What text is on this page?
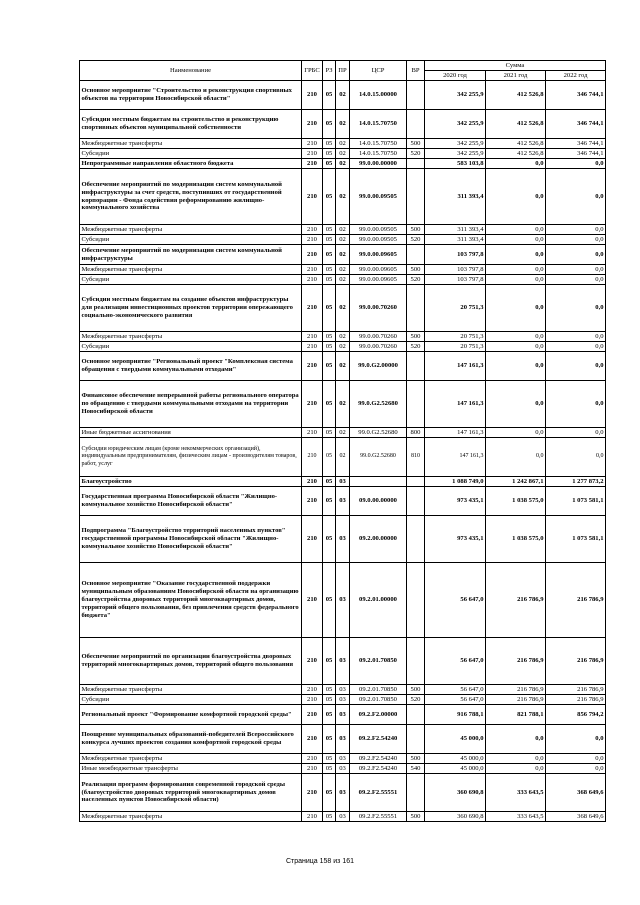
Наименование	ГРБС	РЗ	ПР	ЦСР	ВР	Сумма		
						2020 год	2021 год	2022 год
Основное мероприятие "Строительство и реконструкция спортивных объектов на территории Новосибирской области"	210	05	02	14.0.15.00000		342 255,9	412 526,8	346 744,1
Субсидии местным бюджетам на строительство и реконструкцию спортивных объектов муниципальной собственности	210	05	02	14.0.15.70750		342 255,9	412 526,8	346 744,1
Межбюджетные трансферты	210	05	02	14.0.15.70750	500	342 255,9	412 526,8	346 744,1
Субсидии	210	05	02	14.0.15.70750	520	342 255,9	412 526,8	346 744,1
Непрограммные направления областного бюджета	210	05	02	99.0.00.00000		583 103,8	0,0	0,0
Обеспечение мероприятий по модернизации систем коммунальной инфраструктуры за счет средств, поступивших от государственной корпорации - Фонда содействия реформированию жилищно-коммунального хозяйства	210	05	02	99.0.00.09505		311 393,4	0,0	0,0
Межбюджетные трансферты	210	05	02	99.0.00.09505	500	311 393,4	0,0	0,0
Субсидии	210	05	02	99.0.00.09505	520	311 393,4	0,0	0,0
Обеспечение мероприятий по модернизации систем коммунальной инфраструктуры	210	05	02	99.0.00.09605		103 797,8	0,0	0,0
Межбюджетные трансферты	210	05	02	99.0.00.09605	500	103 797,8	0,0	0,0
Субсидии	210	05	02	99.0.00.09605	520	103 797,8	0,0	0,0
Субсидии местным бюджетам на создание объектов инфраструктуры для реализации инвестиционных проектов территории опережающего социально-экономического развития	210	05	02	99.0.00.70260		20 751,3	0,0	0,0
Межбюджетные трансферты	210	05	02	99.0.00.70260	500	20 751,3	0,0	0,0
Субсидии	210	05	02	99.0.00.70260	520	20 751,3	0,0	0,0
Основное мероприятие "Региональный проект "Комплексная система обращения с твердыми коммунальными отходами"	210	05	02	99.0.G2.00000		147 161,3	0,0	0,0
Финансовое обеспечение непрерывной работы регионального оператора по обращению с твердыми коммунальными отходами на территории Новосибирской области	210	05	02	99.0.G2.52680		147 161,3	0,0	0,0
Иные бюджетные ассигнования	210	05	02	99.0.G2.52680	800	147 161,3	0,0	0,0
Субсидии юридическим лицам (кроме некоммерческих организаций), индивидуальным предпринимателям, физическим лицам - производителям товаров, работ, услуг	210	05	02	99.0.G2.52680	810	147 161,3	0,0	0,0
Благоустройство	210	05	03			1 088 749,0	1 242 867,1	1 277 873,2
Государственная программа Новосибирской области "Жилищно-коммунальное хозяйство Новосибирской области"	210	05	03	09.0.00.00000		973 435,1	1 038 575,0	1 073 581,1
Подпрограмма "Благоустройство территорий населенных пунктов" государственной программы Новосибирской области "Жилищно-коммунальное хозяйство Новосибирской области"	210	05	03	09.2.00.00000		973 435,1	1 038 575,0	1 073 581,1
Основное мероприятие "Оказание государственной поддержки муниципальным образованиям Новосибирской области на организацию благоустройства дворовых территорий многоквартирных домов, территорий общего пользования, без привлечения средств федерального бюджета"	210	05	03	09.2.01.00000		56 647,0	216 786,9	216 786,9
Обеспечение мероприятий по организации благоустройства дворовых территорий многоквартирных домов, территорий общего пользования	210	05	03	09.2.01.70850		56 647,0	216 786,9	216 786,9
Межбюджетные трансферты	210	05	03	09.2.01.70850	500	56 647,0	216 786,9	216 786,9
Субсидии	210	05	03	09.2.01.70850	520	56 647,0	216 786,9	216 786,9
Региональный проект "Формирование комфортной городской среды"	210	05	03	09.2.F2.00000		916 788,1	821 788,1	856 794,2
Поощрение муниципальных образований-победителей Всероссийского конкурса лучших проектов создания комфортной городской среды	210	05	03	09.2.F2.54240		45 000,0	0,0	0,0
Межбюджетные трансферты	210	05	03	09.2.F2.54240	500	45 000,0	0,0	0,0
Иные межбюджетные трансферты	210	05	03	09.2.F2.54240	540	45 000,0	0,0	0,0
Реализация программ формирования современной городской среды (благоустройство дворовых территорий многоквартирных домов населенных пунктов Новосибирской области)	210	05	03	09.2.F2.55551		360 690,8	333 643,5	368 649,6
Межбюджетные трансферты	210	05	03	09.2.F2.55551	500	360 690,8	333 643,5	368 649,6
Страница 158 из 161
